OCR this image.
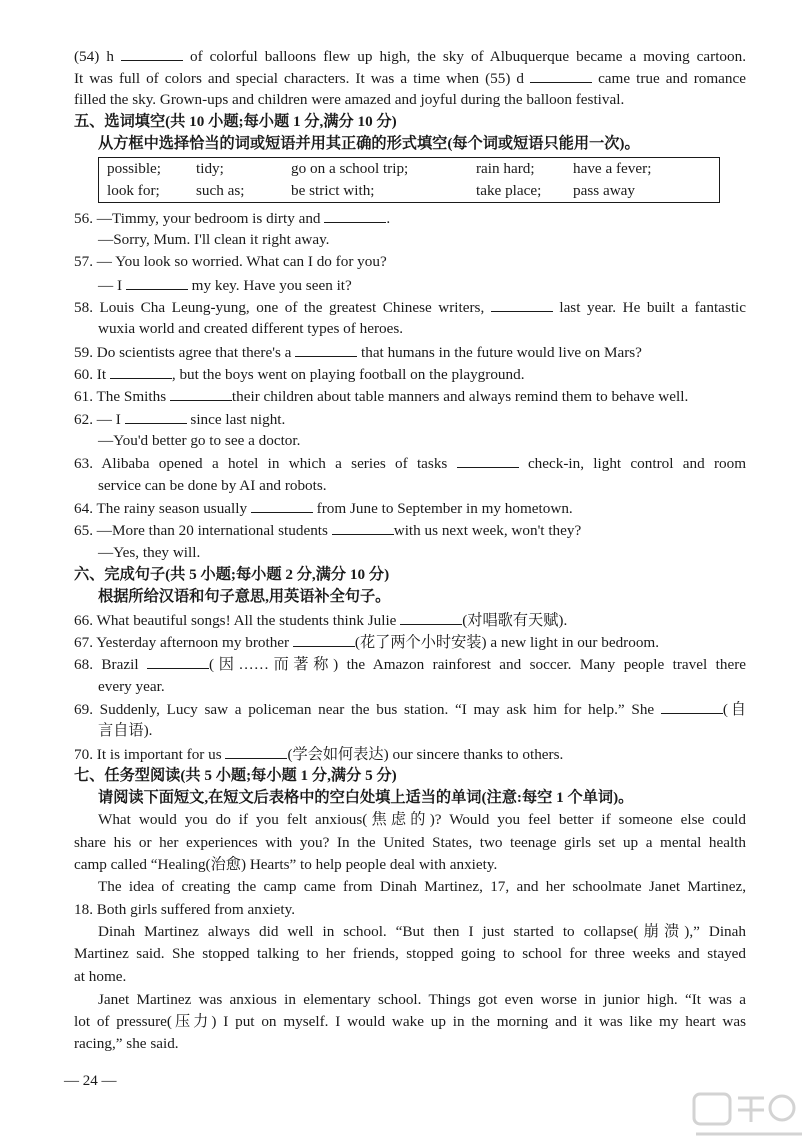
(54) h	of colorful balloons flew up high, the sky of Albuquerque became a moving cartoon.
It was full of colors and special characters. It was a time when (55) d	came true and romance
filled the sky. Grown-ups and children were amazed and joyful during the balloon festival.
五、选词填空(共 10 小题;每小题 1 分,满分 10 分)
从方框中选择恰当的词或短语并用其正确的形式填空(每个词或短语只能用一次)。
possible; tidy;	go on a school trip;	rain hard;	have a fever;
look for; such as;	be strict with;	take place; pass away
56. —Timmy, your bedroom is dirty and	.
—Sorry, Mum. I'll clean it right away.
57. — You look so worried. What can I do for you?
— I	my key. Have you seen it?
58. Louis Cha Leung-yung, one of the greatest Chinese writers,	last year. He built a fantastic
wuxia world and created different types of heroes.
59. Do scientists agree that there's a	that humans in the future would live on Mars?
60. It	, but the boys went on playing football on the playground.
61. The Smiths	their children about table manners and always remind them to behave well.
62. — I	since last night.
—You'd better go to see a doctor.
63. Alibaba opened a hotel in which a series of tasks	check-in, light control and room
service can be done by AI and robots.
64. The rainy season usually	from June to September in my hometown.
65. —More than 20 international students	with us next week, won't they?
—Yes, they will.
六、完成句子(共 5 小题;每小题 2 分,满分 10 分)
根据所给汉语和句子意思,用英语补全句子。
66. What beautiful songs! All the students think Julie	(对唱歌有天赋).
67. Yesterday afternoon my brother	(花了两个小时安装) a new light in our bedroom.
68. Brazil	(因……而著称) the Amazon rainforest and soccer. Many people travel there
every year.
69. Suddenly, Lucy saw a policeman near the bus station. “I may ask him for help.” She	(自
言自语).
70. It is important for us	(学会如何表达) our sincere thanks to others.
七、任务型阅读(共 5 小题;每小题 1 分,满分 5 分)
请阅读下面短文,在短文后表格中的空白处填上适当的单词(注意:每空 1 个单词)。
What would you do if you felt anxious(焦虑的)? Would you feel better if someone else could
share his or her experiences with you? In the United States, two teenage girls set up a mental health
camp called “Healing(治愈) Hearts” to help people deal with anxiety.
The idea of creating the camp came from Dinah Martinez, 17, and her schoolmate Janet Martinez,
18. Both girls suffered from anxiety.
Dinah Martinez always did well in school. “But then I just started to collapse(崩溃),” Dinah
Martinez said. She stopped talking to her friends, stopped going to school for three weeks and stayed
at home.
Janet Martinez was anxious in elementary school. Things got even worse in junior high. “It was a
lot of pressure(压力) I put on myself. I would wake up in the morning and it was like my heart was
racing,” she said.
— 24 —
